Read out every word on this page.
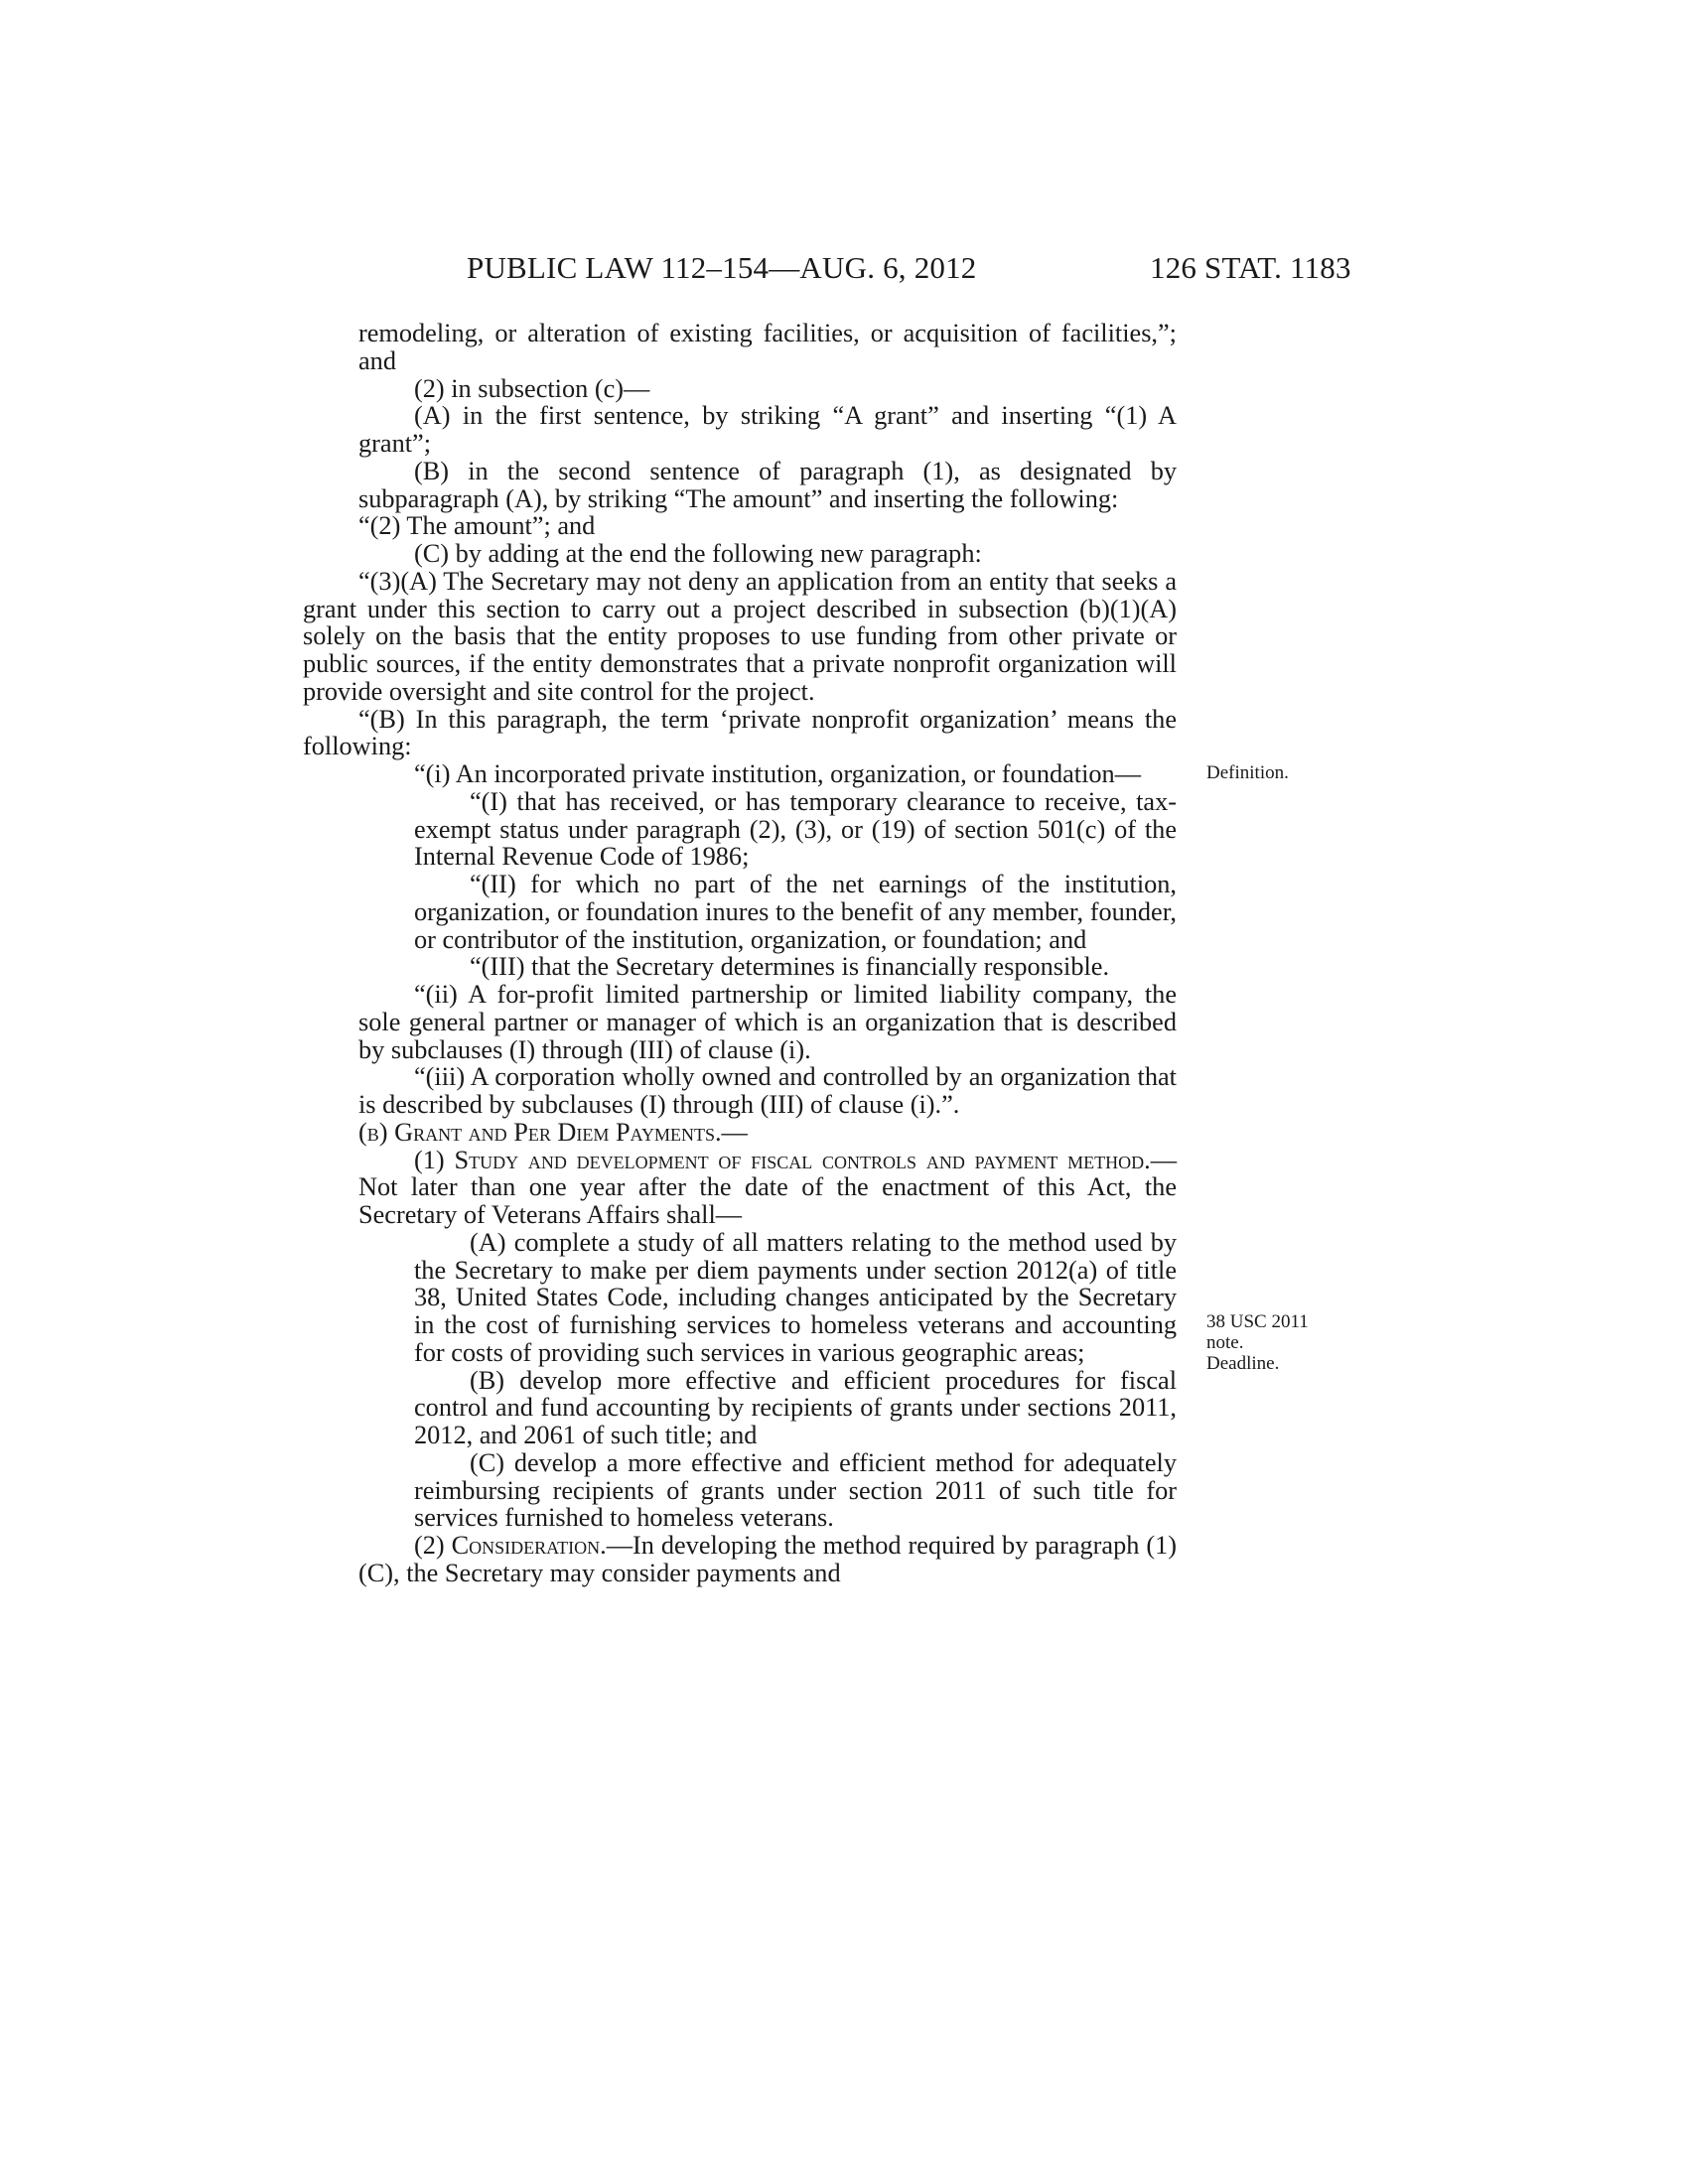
PUBLIC LAW 112–154—AUG. 6, 2012	126 STAT. 1183

remodeling, or alteration of existing facilities, or acquisition of facilities,”; and

(2) in subsection (c)—

(A) in the first sentence, by striking “A grant” and inserting “(1) A grant”;

(B) in the second sentence of paragraph (1), as designated by subparagraph (A), by striking “The amount” and inserting the following:

“(2) The amount”; and

(C) by adding at the end the following new paragraph:

“(3)(A) The Secretary may not deny an application from an entity that seeks a grant under this section to carry out a project described in subsection (b)(1)(A) solely on the basis that the entity proposes to use funding from other private or public sources, if the entity demonstrates that a private nonprofit organization will provide oversight and site control for the project.

“(B) In this paragraph, the term ‘private nonprofit organization’ means the following:

“(i) An incorporated private institution, organization, or foundation—

“(I) that has received, or has temporary clearance to receive, tax-exempt status under paragraph (2), (3), or (19) of section 501(c) of the Internal Revenue Code of 1986;

“(II) for which no part of the net earnings of the institution, organization, or foundation inures to the benefit of any member, founder, or contributor of the institution, organization, or foundation; and

“(III) that the Secretary determines is financially responsible.

“(ii) A for-profit limited partnership or limited liability company, the sole general partner or manager of which is an organization that is described by subclauses (I) through (III) of clause (i).

“(iii) A corporation wholly owned and controlled by an organization that is described by subclauses (I) through (III) of clause (i).”.

(b) Grant and Per Diem Payments.—

(1) Study and development of fiscal controls and payment method.—Not later than one year after the date of the enactment of this Act, the Secretary of Veterans Affairs shall—

(A) complete a study of all matters relating to the method used by the Secretary to make per diem payments under section 2012(a) of title 38, United States Code, including changes anticipated by the Secretary in the cost of furnishing services to homeless veterans and accounting for costs of providing such services in various geographic areas;

(B) develop more effective and efficient procedures for fiscal control and fund accounting by recipients of grants under sections 2011, 2012, and 2061 of such title; and

(C) develop a more effective and efficient method for adequately reimbursing recipients of grants under section 2011 of such title for services furnished to homeless veterans.

(2) Consideration.—In developing the method required by paragraph (1)(C), the Secretary may consider payments and

Definition.
38 USC 2011
note.
Deadline.
